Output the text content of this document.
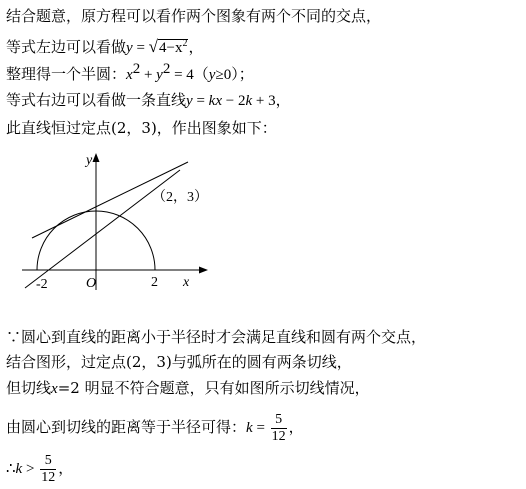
结合题意，原方程可以看作两个图象有两个不同的交点，
等式左边可以看做$y = √4-x^2$，
整理得一个半圆：$x^2 + y^2 = 4(y\ge 0)$；
等式右边可以看做一条直线y = kx − 2k + 3，
此直线恒过定点(2，3)，作出图象如下：
y
x
O
-2	2
（2，3）
∵圆心到直线的距离小于半径时才会满足直线和圆有两个交点，
结合图形，过定点(2，3)与弧所在的圆有两条切线，
但切线x=2 明显不符合题意，只有如图所示切线情况，
由圆心到切线的距离等于半径可得：$k = \frac{5}{12}$ ，
∴k > $\frac{5}{12}$ ，
